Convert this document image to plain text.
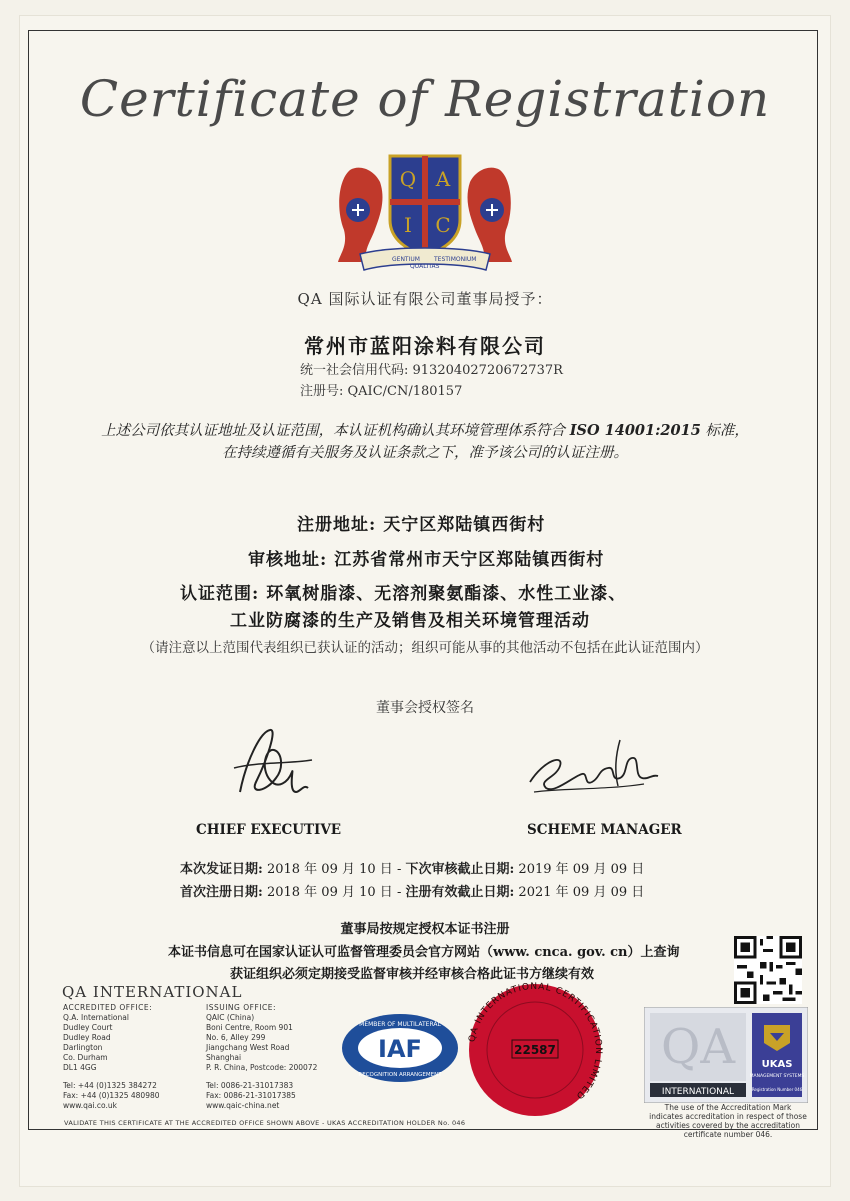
Certificate of Registration
Q A
I C
GENTIUM TESTIMONIUM
QUALITAS
QA 国际认证有限公司董事局授予：
常州市蓝阳涂料有限公司
统一社会信用代码: 91320402720672737R
注册号: QAIC/CN/180157
上述公司依其认证地址及认证范围，本认证机构确认其环境管理体系符合 ISO 14001:2015 标准，
在持续遵循有关服务及认证条款之下，准予该公司的认证注册。
注册地址: 天宁区郑陆镇西街村
审核地址: 江苏省常州市天宁区郑陆镇西街村
认证范围: 环氧树脂漆、无溶剂聚氨酯漆、水性工业漆、
工业防腐漆的生产及销售及相关环境管理活动
（请注意以上范围代表组织已获认证的活动；组织可能从事的其他活动不包括在此认证范围内）
董事会授权签名
CHIEF EXECUTIVE	SCHEME MANAGER
本次发证日期: 2018 年 09 月 10 日 - 下次审核截止日期: 2019 年 09 月 09 日
首次注册日期: 2018 年 09 月 10 日 - 注册有效截止日期: 2021 年 09 月 09 日
董事局按规定授权本证书注册
本证书信息可在国家认证认可监督管理委员会官方网站（www. cnca. gov. cn）上查询
获证组织必须定期接受监督审核并经审核合格此证书方继续有效
QA INTERNATIONAL
ACCREDITED OFFICE:
Q.A. International
Dudley Court
Dudley Road
Darlington
Co. Durham
DL1 4GG
Tel: +44 (0)1325 384272
Fax: +44 (0)1325 480980
www.qai.co.uk
ISSUING OFFICE:
QAIC (China)
Boni Centre, Room 901
No. 6, Alley 299
Jiangchang West Road
Shanghai
P. R. China, Postcode: 200072
Tel: 0086-21-31017383
Fax: 0086-21-31017385
www.qaic-china.net
MEMBER OF MULTILATERAL
IAF
RECOGNITION ARRANGEMENT
QA INTERNATIONAL CERTIFICATION LIMITED
22587 QA
INTERNATIONAL
UKAS
MANAGEMENT SYSTEMS
Registration Number 046
The use of the Accreditation Mark indicates accreditation in respect of those activities covered by the accreditation certificate number 046.
VALIDATE THIS CERTIFICATE AT THE ACCREDITED OFFICE SHOWN ABOVE - UKAS ACCREDITATION HOLDER No. 046
